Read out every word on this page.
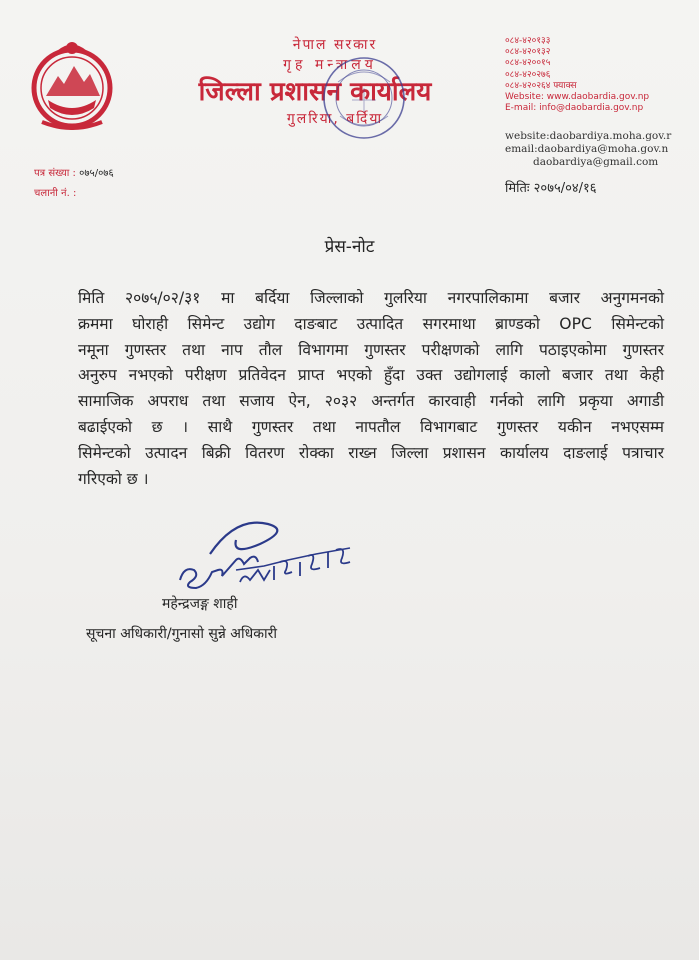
नेपाल सरकार
गृह मन्त्रालय
जिल्ला प्रशासन कार्यालय
गुलरिया, बर्दिया
०८४-४२०१३३
०८४-४२०१३२
०८४-४२००१५
०८४-४२०२७६
०८४-४२०२६४ फ्याक्स
Website: www.daobardia.gov.np
E-mail: info@daobardia.gov.np
website:daobardiya.moha.gov.r
email:daobardiya@moha.gov.n
daobardiya@gmail.com
पत्र संख्या : ०७५/०७६
चलानी नं. :	मितिः २०७५/०४/१६
प्रेस-नोट
मिति २०७५/०२/३१ मा बर्दिया जिल्लाको गुलरिया नगरपालिकामा बजार अनुगमनको
क्रममा घोराही सिमेन्ट उद्योग दाङबाट उत्पादित सगरमाथा ब्राण्डको OPC सिमेन्टको
नमूना गुणस्तर तथा नाप तौल विभागमा गुणस्तर परीक्षणको लागि पठाइएकोमा गुणस्तर
अनुरुप नभएको परीक्षण प्रतिवेदन प्राप्त भएको हुँदा उक्त उद्योगलाई कालो बजार तथा केही
सामाजिक अपराध तथा सजाय ऐन, २०३२ अन्तर्गत कारवाही गर्नको लागि प्रकृया अगाडी
बढाईएको छ । साथै गुणस्तर तथा नापतौल विभागबाट गुणस्तर यकीन नभएसम्म
सिमेन्टको उत्पादन बिक्री वितरण रोक्का राख्न जिल्ला प्रशासन कार्यालय दाङलाई पत्राचार
गरिएको छ ।
महेन्द्रजङ्ग शाही
सूचना अधिकारी/गुनासो सुन्ने अधिकारी
